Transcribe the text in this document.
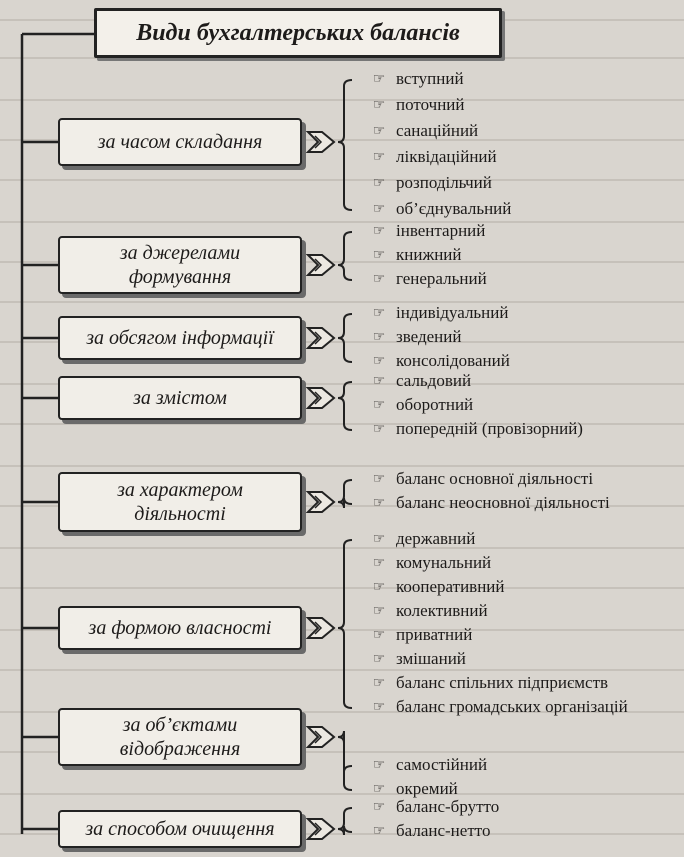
Види бухгалтерських балансів
за часом складання
☞ вступний
☞ поточний
☞ санаційний
☞ ліквідаційний
☞ розподільчий
☞ об’єднувальний
за джерелами
формування
☞ інвентарний
☞ книжний
☞ генеральний
за обсягом інформації
☞ індивідуальний
☞ зведений
☞ консолідований
за змістом
☞ сальдовий
☞ оборотний
☞ попередній (провізорний)
за характером
діяльності
☞ баланс основної діяльності
☞ баланс неосновної діяльності
за формою власності
☞ державний
☞ комунальний
☞ кооперативний
☞ колективний
☞ приватний
☞ змішаний
☞ баланс спільних підприємств
☞ баланс громадських організацій
за об’єктами
відображення
☞ самостійний
☞ окремий
за способом очищення
☞ баланс-брутто
☞ баланс-нетто
